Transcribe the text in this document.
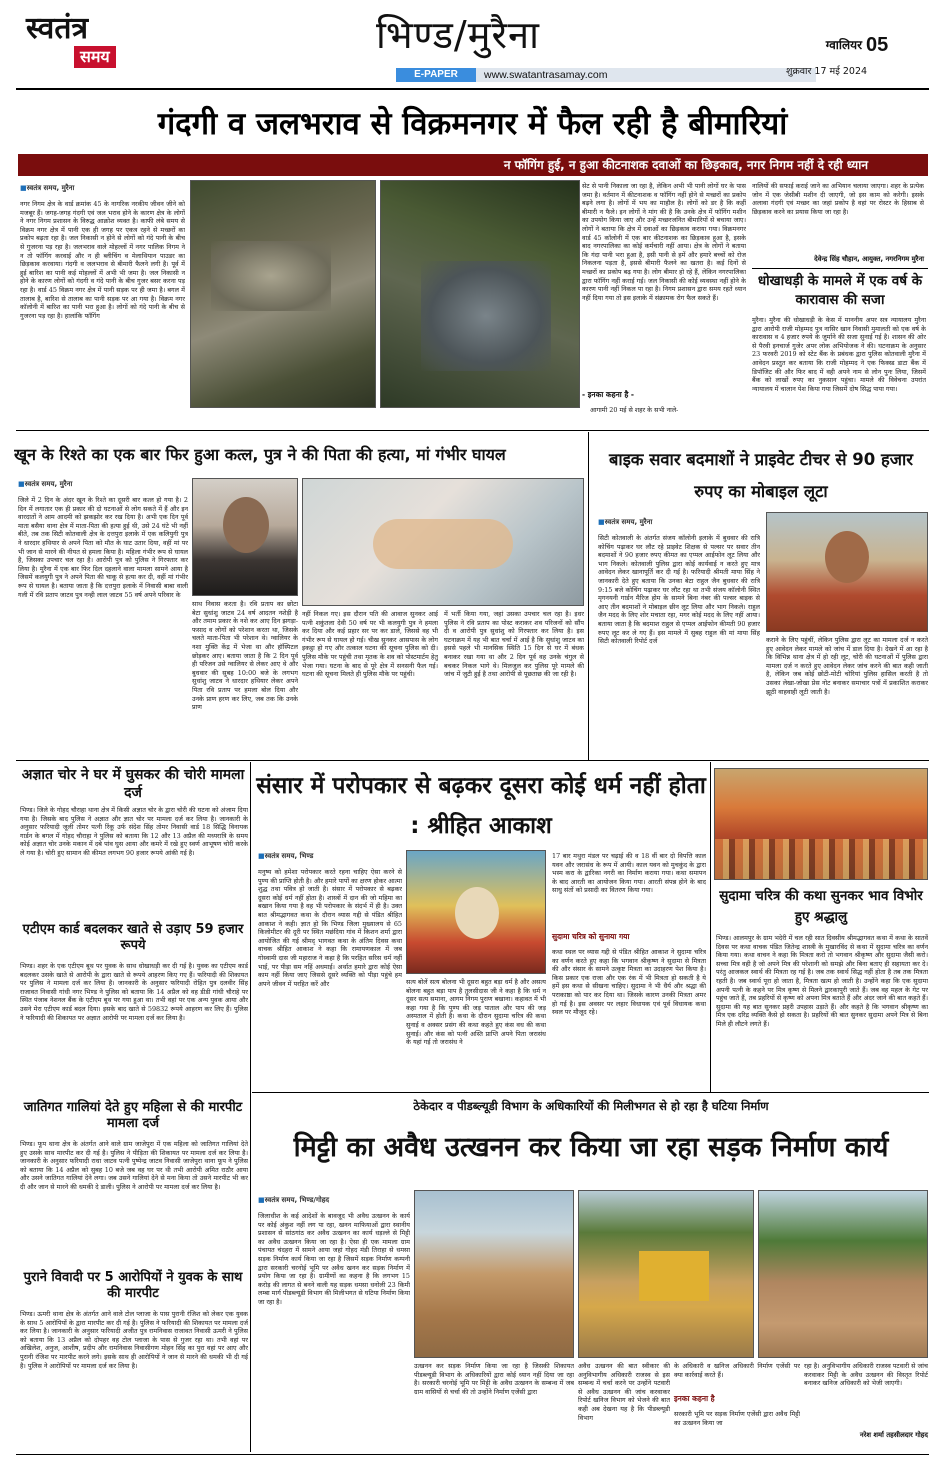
स्वतंत्र
समय	भिण्ड/मुरैना
E-PAPER	www.swatantrasamay.com
ग्वालियर 05
शुक्रवार 17 मई 2024
गंदगी व जलभराव से विक्रमनगर में फैल रही है बीमारियां
न फॉगिंग हुई, न हुआ कीटनाशक दवाओं का छिड़काव, नगर निगम नहीं दे रही ध्यान
■ स्वतंत्र समय, मुरैना
नगर निगम क्षेत्र के वार्ड क्रमांक 45 के नागरिक नरकीय जीवन जीने को मजबूर हैं। जगह-जगह गंदगी एवं जल भराव होने के कारण क्षेत्र के लोगों ने नगर निगम प्रशासन के विरुद्ध आक्रोश व्यक्त है। काफी लंबे समय से विक्रम नगर क्षेत्र में पानी एक ही जगह पर एकत्र रहने से मच्छरों का प्रकोप बढ़ता रहा है। जल निकासी न होने से लोगों को गंदे पानी के बीच से गुजरना पड़ रहा है। जलभराव वाले मोहल्लों में नगर पालिक निगम ने न तो फॉगिंग करवाई और न ही ब्लीचिंग व मेलाथियान पाउडर का छिड़काव करवाया। गंदगी व जलभराव से बीमारी फैलने लगी है। पूर्व में हुई बारिश का पानी कई मोहल्लों में अभी भी जमा है। जल निकासी न होने के कारण लोगों को गंदगी व गंदे पानी के बीच गुजर बसर करना पड़ रहा है। वार्ड 45 विक्रम नगर क्षेत्र में पानी सड़क पर ही जमा है। बगल में तालाब है, बारिश से तालाब का पानी सड़क पर आ गया है। विक्रम नगर कॉलोनी में बारिश का पानी भरा हुआ है। लोगों को गंदे पानी के बीच से गुजरना पड़ रहा है। हालांकि फॉगिंग
सेट से पानी निकाला जा रहा है, लेकिन अभी भी पानी लोगों घर के पास जमा है। वर्तमान में कीटनाशक व फॉगिंग नहीं होने से मच्छरों का प्रकोप बढ़ने लगा है। लोगों में भय का माहौल है। लोगों को डर है कि कहीं बीमारी न फैले। इन लोगों ने मांग की है कि उनके क्षेत्र में फॉगिंग मशीन का उपयोग किया जाए और उन्हें मच्छरजनित बीमारियों से बचाया जाए। लोगों ने बताया कि क्षेत्र में दवाओं का छिड़काव कराया गया। विक्रमनगर वार्ड 45 कॉलोनी में एक बार कीटनाशक का छिड़काव हुआ है, इसके बाद नगरपालिका का कोई कर्मचारी नहीं आया। क्षेत्र के लोगों ने बताया कि गंदा पानी भरा हुआ है, इसी पानी से हमें और हमारे बच्चों को रोज निकलना पड़ता है, इससे बीमारी फैलने का खतरा है। कई दिनों से मच्छरों का प्रकोप बढ़ गया है। लोग बीमार हो रहे हैं, लेकिन नगरपालिका द्वारा फॉगिंग नहीं कराई गई। जल निकासी की कोई व्यवस्था नहीं होने के कारण पानी नहीं निकल पा रहा है। निगम प्रशासन द्वारा समय रहते ध्यान नहीं दिया गया तो इस इलाके में संक्रामक रोग फैल सकते हैं।
- इनका कहना है -
आगामी 20 मई से शहर के सभी नाले-
नालियों की सफाई कराई जाने का अभियान चलाया जाएगा। शहर के प्रत्येक जोन में एक जेसीबी मशीन दी जाएगी, जो इस काम को करेगी। इसके अलावा गंदगी एवं मच्छर का जहां प्रकोप है वहां पर रोस्टर के हिसाब से छिड़काव करने का प्रयास किया जा रहा है।
देवेन्द्र सिंह चौहान, आयुक्त, नगरनिगम मुरैना
धोखाधड़ी के मामले में एक वर्ष के कारावास की सजा
मुरैना। मुरैना की धोखाधड़ी के केस में माननीय अपर सत्र न्यायालय मुरैना द्वारा आरोपी राजी मोहम्मद पुत्र नासिर खान निवासी मुमालती को एक वर्ष के कारावास व 4 हजार रुपये के जुर्माने की सजा सुनाई गई है। शासन की ओर से पैरवी इनचार्ज गुजेर अपर लोक अभियोजक ने की। घटनाक्रम के अनुसार 23 फरवरी 2019 को स्टेट बैंक के प्रबंधक द्वारा पुलिस कोतवाली मुरैना में आवेदन प्रस्तुत कर बताया कि राजी मोहम्मद ने एक फिक्स्ड डाटा बैंक में डिपॉजिट की और फिर बाद में वही अपने नाम से लोन पुनः लिया, जिसमें बैंक को लाखों रुपए का नुकसान पहुंचा। मामले की विवेचना उपरांत न्यायालय में चालान पेश किया गया जिसमें दोष सिद्ध पाया गया।
खून के रिश्ते का एक बार फिर हुआ कत्ल, पुत्र ने की पिता की हत्या, मां गंभीर घायल
■ स्वतंत्र समय, मुरैना
जिले में 2 दिन के अंदर खून के रिश्ते का दूसरी बार कत्ल हो गया है। 2 दिन में लगातार एक ही प्रकार की दो घटनाओं से लोग सकते में हैं और इन वारदातों ने आम आदमी को झकझोर कर रख दिया है। अभी एक दिन पूर्व माता बसैया थाना क्षेत्र में माता-पिता की हत्या हुई थी, उसे 24 घंटे भी नहीं बीते, तब तक सिटी कोतवाली क्षेत्र के दत्तपुरा इलाके में एक कलियुगी पुत्र ने धारदार हथियार से अपने पिता को मौत के घाट उतार दिया, वहीं मां पर भी जान से मारने की नीयत से हमला किया है। महिला गंभीर रूप से घायल है, जिसका उपचार चल रहा है। आरोपी पुत्र को पुलिस ने गिरफ्तार कर लिया है। मुरैना में एक बार फिर दिल दहलाने वाला मामला सामने आया है जिसमें कलयुगी पुत्र ने अपने पिता की चाकू से हत्या कर दी, वहीं मां गंभीर रूप से घायल है। बताया जाता है कि दत्तपुरा इलाके में निवासी बाबा वाली गली में रवि प्रताप जाटव पुत्र नन्ही लाल जाटव 55 वर्ष अपने परिवार के
साथ निवास करता है। रवि प्रताप का छोटा बेटा सुधांशु जाटव 24 वर्ष आदतन नशेड़ी है और तमाम प्रकार के नशे कर आए दिन झगड़ा-फसाद व लोगों को परेशान करता था, जिसके चलते माता-पिता भी परेशान थे। ग्वालियर के नशा मुक्ति केंद्र में भेजा था और हॉस्पिटल छोड़कर आए। बताया जाता है कि 2 दिन पूर्व ही परिजन उसे ग्वालियर से लेकर आए थे और बुधवार की सुबह 10:00 बजे के लगभग सुधांशु जाटव ने धारदार हथियार लेकर अपने पिता रवि प्रताप पर हमला बोल दिया और उनके प्राण हरण कर लिए, जब तक कि उनके प्राण
नहीं निकल गए। इस दौरान पति की आवाज सुनकर आई पत्नी शकुंतला देवी 50 वर्ष पर भी कलयुगी पुत्र ने हमला कर दिया और कई प्रहार सर पर कर डाले, जिससे वह भी गंभीर रूप से घायल हो गई। चीख सुनकर आसपास के लोग इकट्ठा हो गए और तत्काल घटना की सूचना पुलिस को दी। पुलिस मौके पर पहुंची तथा मृतक के शव को पोस्टमार्टम हेतु भेजा गया। घटना के बाद से पूरे क्षेत्र में सनसनी फैल गई। घटना की सूचना मिलते ही पुलिस मौके पर पहुंची।
में भर्ती किया गया, जहां उसका उपचार चल रहा है। इधर पुलिस ने रवि प्रताप का पोस्ट कराकर शव परिजनों को सौंप दी व आरोपी पुत्र सुधांशु को गिरफ्तार कर लिया है। इस घटनाक्रम में यह भी बात चर्चा में आई है कि सुधांशु जाटव का इससे पहले भी मानसिक स्थिति 15 दिन से घर में बंधक बनाकर रखा गया था और 2 दिन पूर्व वह उनके चंगुल से बचकर निकल भागे थे। मिलजुल कर पुलिस पूरे मामले की जांच में जुटी हुई है तथा आरोपी से पूछताछ की जा रही है।
बाइक सवार बदमाशों ने प्राइवेट टीचर से 90 हजार रुपए का मोबाइल लूटा
■ स्वतंत्र समय, मुरैना
सिटी कोतवाली के अंतर्गत संजय कॉलोनी इलाके में बुधवार की रात्रि कोचिंग पढ़ाकर घर लौट रहे प्राइवेट शिक्षक से पल्सर पर सवार तीन बदमाशों ने 90 हजार रुपए कीमत का एप्पल आईफोन लूट लिया और भाग निकले। कोतवाली पुलिस द्वारा कोई कार्यवाई न करते हुए मात्र आवेदन लेकर खानापूर्ति कर दी गई है। फरियादी श्रीमती माया सिंह ने जानकारी देते हुए बताया कि उनका बेटा राहुल जैन बुधवार की रात्रि 9:15 बजे कोचिंग पढ़ाकर घर लौट रहा था तभी संजय कॉलोनी स्थित मृगनयनी गार्डन मैरिज होम के सामने बिना नंबर की पल्सर बाइक से आए तीन बदमाशों ने मोबाइल छीन लूट लिया और भाग निकले। राहुल जैन मदद के लिए शोर मचाता रहा, मगर कोई मदद के लिए नहीं आया। बताया जाता है कि बदमाश राहुल से एप्पल आईफोन कीमती 90 हजार रुपए लूट कर ले गए हैं। इस मामले में सुबह राहुल की मां माया सिंह सिटी कोतवाली रिपोर्ट दर्ज	कराने के लिए पहुंचीं, लेकिन पुलिस द्वारा लूट का मामला दर्ज न करते हुए आवेदन लेकर मामले को जांच में डाल दिया है। देखने में आ रहा है कि विभिन्न थाना क्षेत्र में हो रही लूट, चोरी की घटनाओं में पुलिस द्वारा मामला दर्ज न करते हुए आवेदन लेकर जांच करने की बात कही जाती है, लेकिन जब कोई छोटी-मोटी चोरियां पुलिस हासिल करती है तो उसका लेखा-जोखा प्रेस नोट बनाकर समाचार पत्रों में प्रकाशित कराकर झूठी वाहवाही लूटी जाती है।
अज्ञात चोर ने घर में घुसकर की चोरी मामला दर्ज
भिण्ड। जिले के गोहद चौराहा थाना क्षेत्र में किसी अज्ञात चोर के द्वारा चोरी की घटना को अंजाम दिया गया है। जिसके बाद पुलिस ने अज्ञात और ज्ञात चोर पर मामला दर्ज कर लिया है। जानकारी के अनुसार फरियादी जूली तोमर पत्नी रिंकू उर्फ संदेश सिंह तोमर निवासी वार्ड 18 सिद्धि विनायक गार्डन के बगल में गोहद चौराहा ने पुलिस को बताया कि 12 और 13 अप्रैल की मध्यरात्रि के समय कोई अज्ञात चोर उनके मकान में दबे पांव घुस आया और कमरे में रखे हुए स्वर्ण आभूषण चोरी करके ले गया है। चोरी हुए सामान की कीमत लगभग 90 हजार रूपये आंकी गई है।
एटीएम कार्ड बदलकर खाते से उड़ाए 59 हजार रूपये
भिण्ड। शहर के एक एटीएम बूथ पर युवक के साथ धोखाधड़ी कर दी गई है। युवक का एटीएम कार्ड बदलकर उसके खाते से आरोपी के द्वारा खाते से रूपये आहरण किए गए हैं। फरियादी की शिकायत पर पुलिस ने मामला दर्ज कर लिया है। जानकारी के अनुसार फरियादी रोहित पुत्र दलवीर सिंह राजावत निवासी गांधी नगर भिण्ड ने पुलिस को बताया कि 14 अप्रैल को वह डीडी गांधी चौराहे पर स्थित पंजाब नेशनल बैंक के एटीएम बूथ पर गया हुआ था। तभी वहां पर एक अन्य युवक आया और उसने मेरा एटीएम कार्ड बदल दिया। इसके बाद खाते से 59832 रूपये आहरण कर लिए हैं। पुलिस ने फरियादी की शिकायत पर अज्ञात आरोपी पर मामला दर्ज कर लिया है।
जातिगत गालियां देते हुए महिला से की मारपीट मामला दर्ज
भिण्ड। फूप थाना क्षेत्र के अंतर्गत आने वाले ग्राम जाजेपुरा में एक महिला को जातिगत गालियां देते हुए उसके साथ मारपीट कर दी गई है। पुलिस ने पीड़िता की शिकायत पर मामला दर्ज कर लिया है। जानकारी के अनुसार फरियादी राधा जाटव पत्नी पुष्पेन्द्र जाटव निवासी जाजेपुरा थाना फूप ने पुलिस को बताया कि 14 अप्रैल को सुबह 10 बजे जब वह घर पर थी तभी आरोपी अमित राठौर आया और उसने जातिगत गालियां देने लगा। जब उसने गालियां देने से मना किया तो उसने मारपीट भी कर दी और जान से मारने की धमकी दे डाली। पुलिस ने आरोपी पर मामला दर्ज कर लिया है।
पुराने विवादी पर 5 आरोपियों ने युवक के साथ की मारपीट
भिण्ड। ऊमरी थाना क्षेत्र के अंतर्गत आने वाले टोल प्लाजा के पास पुरानी रंजिश को लेकर एक युवक के साथ 5 आरोपियों के द्वारा मारपीट कर दी गई है। पुलिस ने फरियादी की शिकायत पर मामला दर्ज कर लिया है। जानकारी के अनुसार फरियादी अजीत पुत्र रामनिवास राजावत निवासी ऊमरी ने पुलिस को बताया कि 13 अप्रैल को दोपहर वह टोल प्लाजा के पास से गुजर रहा था। तभी वहां पर अखिलेश, अनुज, आशीष, प्रदीप और रामनिवास निवासीगण मोहन सिंह का पुरा वहां पर आए और पुरानी रंजिश पर मारपीट करने लगे। इसके साथ ही आरोपियों ने जान से मारने की धमकी भी दी गई है। पुलिस ने आरोपियों पर मामला दर्ज कर लिया है।
संसार में परोपकार से बढ़कर दूसरा कोई धर्म नहीं होता : श्रीहित आकाश
■ स्वतंत्र समय, भिण्ड
मनुष्य को हमेशा परोपकार करते रहना चाहिए ऐसा करने से पुण्य की प्राप्ति होती है। और हमारे पापों का क्षरण होकर आत्मा शुद्ध तथा पवित्र हो जाती है। संसार में परोपकार से बढ़कर दूसरा कोई धर्म नहीं होता है। शास्त्रों में दान की जो महिमा का बखान किया गया है वह भी परोपकार के संदर्भ में ही है। उक्त बात श्रीमद्भागवत कथा के दौरान व्यास गद्दी से पंडित श्रीहित आकाश ने कही। ज्ञात हो कि भिण्ड जिला मुख्यालय से 65 किलोमीटर की दूरी पर स्थित मछंदिया गांव में किशन शर्मा द्वारा आयोजित की गई श्रीमद् भागवत कथा के अंतिम दिवस कथा वाचक श्रीहित आकाश ने कहा कि रामायणकाल में जब गोस्वामी दास जी महाराज ने कहा है कि परहित सरिस धर्म नहीं भाई, पर पीड़ा सम नहिं अधमाई। अर्थात हमारे द्वारा कोई ऐसा काम नहीं किया जाए जिससे दूसरे व्यक्ति को पीड़ा पहुंचे हम अपने जीवन में परहित करें और	सत्य बोलें सत्य बोलना भी दूसरा बहुत बड़ा धर्म है और असत्य बोलना बहुत बड़ा पाप है तुलसीदास जी ने कहा है कि धर्म न दूसर सत्य समाना, आगम निगम पुराण बखाना। कहावत में भी कहा गया है कि पुण्य की जड़ पाताल और पाप की जड़ अस्पताल में होती है। कथा के दौरान सुदामा चरित्र की कथा सुनाई व अक्सर प्रसंग की कथा कहते हुए कंस वध की कथा सुनाई। और कंस को पत्नी अस्ति प्राप्ति अपने पिता जरासंध के यहां गई तो जरासंध ने
17 बार मथुरा मंडल पर चढ़ाई की व 18 वीं बार दो विपत्ति काल यवन और जरासंध के रूप में आयी। काल यवन को मुचकुंद के द्वारा भस्म करा के द्वारिका नगरी का निर्माण कराया गया। कथा समापन के बाद आरती का आयोजन किया गया। आरती संपन्न होने के बाद साधु संतों को प्रसादी का वितरण किया गया।
सुदामा चरित्र को सुनाया गया
कथा स्थल पर व्यास गद्दी से पंडित श्रीहित आकाश ने सुदामा चरित्र का वर्णन करते हुए कहा कि भगवान श्रीकृष्ण ने सुदामा से मित्रता की और संसार के सामने उत्कृष्ट मित्रता का उदाहरण पेश किया है। किस प्रकार एक राजा और एक रंक में भी मित्रता हो सकती है ये हमें इस कथा से सीखना चाहिए। सुदामा ने भी धैर्य और श्रद्धा की पराकाष्ठा को पार कर दिया था। जिसके कारण उनकी मित्रता अमर हो गई है। इस अवसर पर लहार विधायक एवं पूर्व विधायक कथा स्थल पर मौजूद रहे।
सुदामा चरित्र की कथा सुनकर भाव विभोर हुए श्रद्धालु
भिण्ड। आलमपुर के ग्राम भदेरी में चल रही सात दिवसीय श्रीमद्भागवत कथा में कथा के सातवें दिवस पर कथा वाचक पंडित जितेन्द्र शास्त्री के मुखारविंद से कथा में सुदामा चरित्र का वर्णन किया गया। कथा वाचन ने कहा कि मित्रता करो तो भगवान श्रीकृष्ण और सुदामा जैसी करो। सच्चा मित्र वही है जो अपने मित्र की परेशानी को समझे और बिना बताए ही सहायता कर दे। परंतु आजकल स्वार्थ की मित्रता रह गई है। जब तक स्वार्थ सिद्ध नहीं होता है तब तक मित्रता रहती है। जब स्वार्थ पूरा हो जाता है, मित्रता खत्म हो जाती है। उन्होंने कहा कि एक सुदामा अपनी पत्नी के कहने पर मित्र कृष्ण से मिलने द्वारकापुरी जाते हैं। जब वह महल के गेट पर पहुंच जाते हैं, तब प्रहरियों से कृष्ण को अपना मित्र बताते हैं और अंदर जाने की बात कहते हैं। सुदामा की यह बात सुनकर प्रहरी उपहास उड़ाते हैं। और कहते है कि भगवान श्रीकृष्ण का मित्र एक दरिद्र व्यक्ति कैसे हो सकता है। प्रहरियों की बात सुनकर सुदामा अपने मित्र से बिना मिले ही लौटने लगते हैं।
ठेकेदार व पीडब्ल्यूडी विभाग के अधिकारियों की मिलीभगत से हो रहा है घटिया निर्माण
मिट्टी का अवैध उत्खनन कर किया जा रहा सड़क निर्माण कार्य
■ स्वतंत्र समय, भिण्ड/गोहद
जिलाधीश के कई आदेशों के बावजूद भी अवैध उत्खनन के कार्य पर कोई अंकुश नहीं लग पा रहा, खनन माफियाओं द्वारा स्थानीय प्रशासन से सांठगांठ कर अवैध उत्खनन का कार्य धड़ल्ले से मिट्टी का अवैध उत्खनन किया जा रहा है। ऐसा ही एक मामला ग्राम पंचायत चंदहरा में सामने आया जहां गोहद मंडी तिराहा से धमसा सड़क निर्माण कार्य किया जा रहा है जिसमें सड़क निर्माण कम्पनी द्वारा सरकारी चरनोई भूमि पर अवैध खनन कर सड़क निर्माण में प्रयोग किया जा रहा है। ग्रामीणों का कहना है कि लगभग 15 करोड़ की लागत से बनने वाली यह सड़क धमसा धनोली 23 किमी लम्बा मार्ग पीडब्ल्यूडी विभाग की मिलीभगत से घटिया निर्माण किया जा रहा है।
उत्खनन कर सड़क निर्माण किया जा रहा है जिसकी शिकायत पीडब्ल्यूडी विभाग के अधिकारियों द्वारा कोई ध्यान नहीं दिया जा रहा है। सरकारी चरनोई भूमि पर मिट्टी के अवैध उत्खनन के सम्बन्ध में जब ग्राम वासियों से चर्चा की तो उन्होंने निर्माण एजेंसी द्वारा
अवैध उत्खनन की बात स्वीकार की अनुविभागीय अधिकारी राजस्व से इस सम्बन्ध में चर्चा करने पर उन्होंने पटवारी से अवैध उत्खनन की जांच करवाकर रिपोर्ट खनिज विभाग को भेजने की बात कही अब देखना यह है कि पीडब्ल्यूडी विभाग
के अधिकारी व खनिज अधिकारी निर्माण एजेंसी पर क्या कार्रवाई करते हैं।
इनका कहना है
सरकारी भूमि पर सड़क निर्माण एजेंसी द्वारा अवैध मिट्टी का उत्खनन किया जा
रहा है। अनुविभागीय अधिकारी राजस्व पटवारी से जांच करवाकर मिट्टी के अवैध उत्खनन की विस्तृत रिपोर्ट बनाकर खनिज अधिकारी को भेजी जाएगी।
नरेश शर्मा तहसीलदार गोहद
